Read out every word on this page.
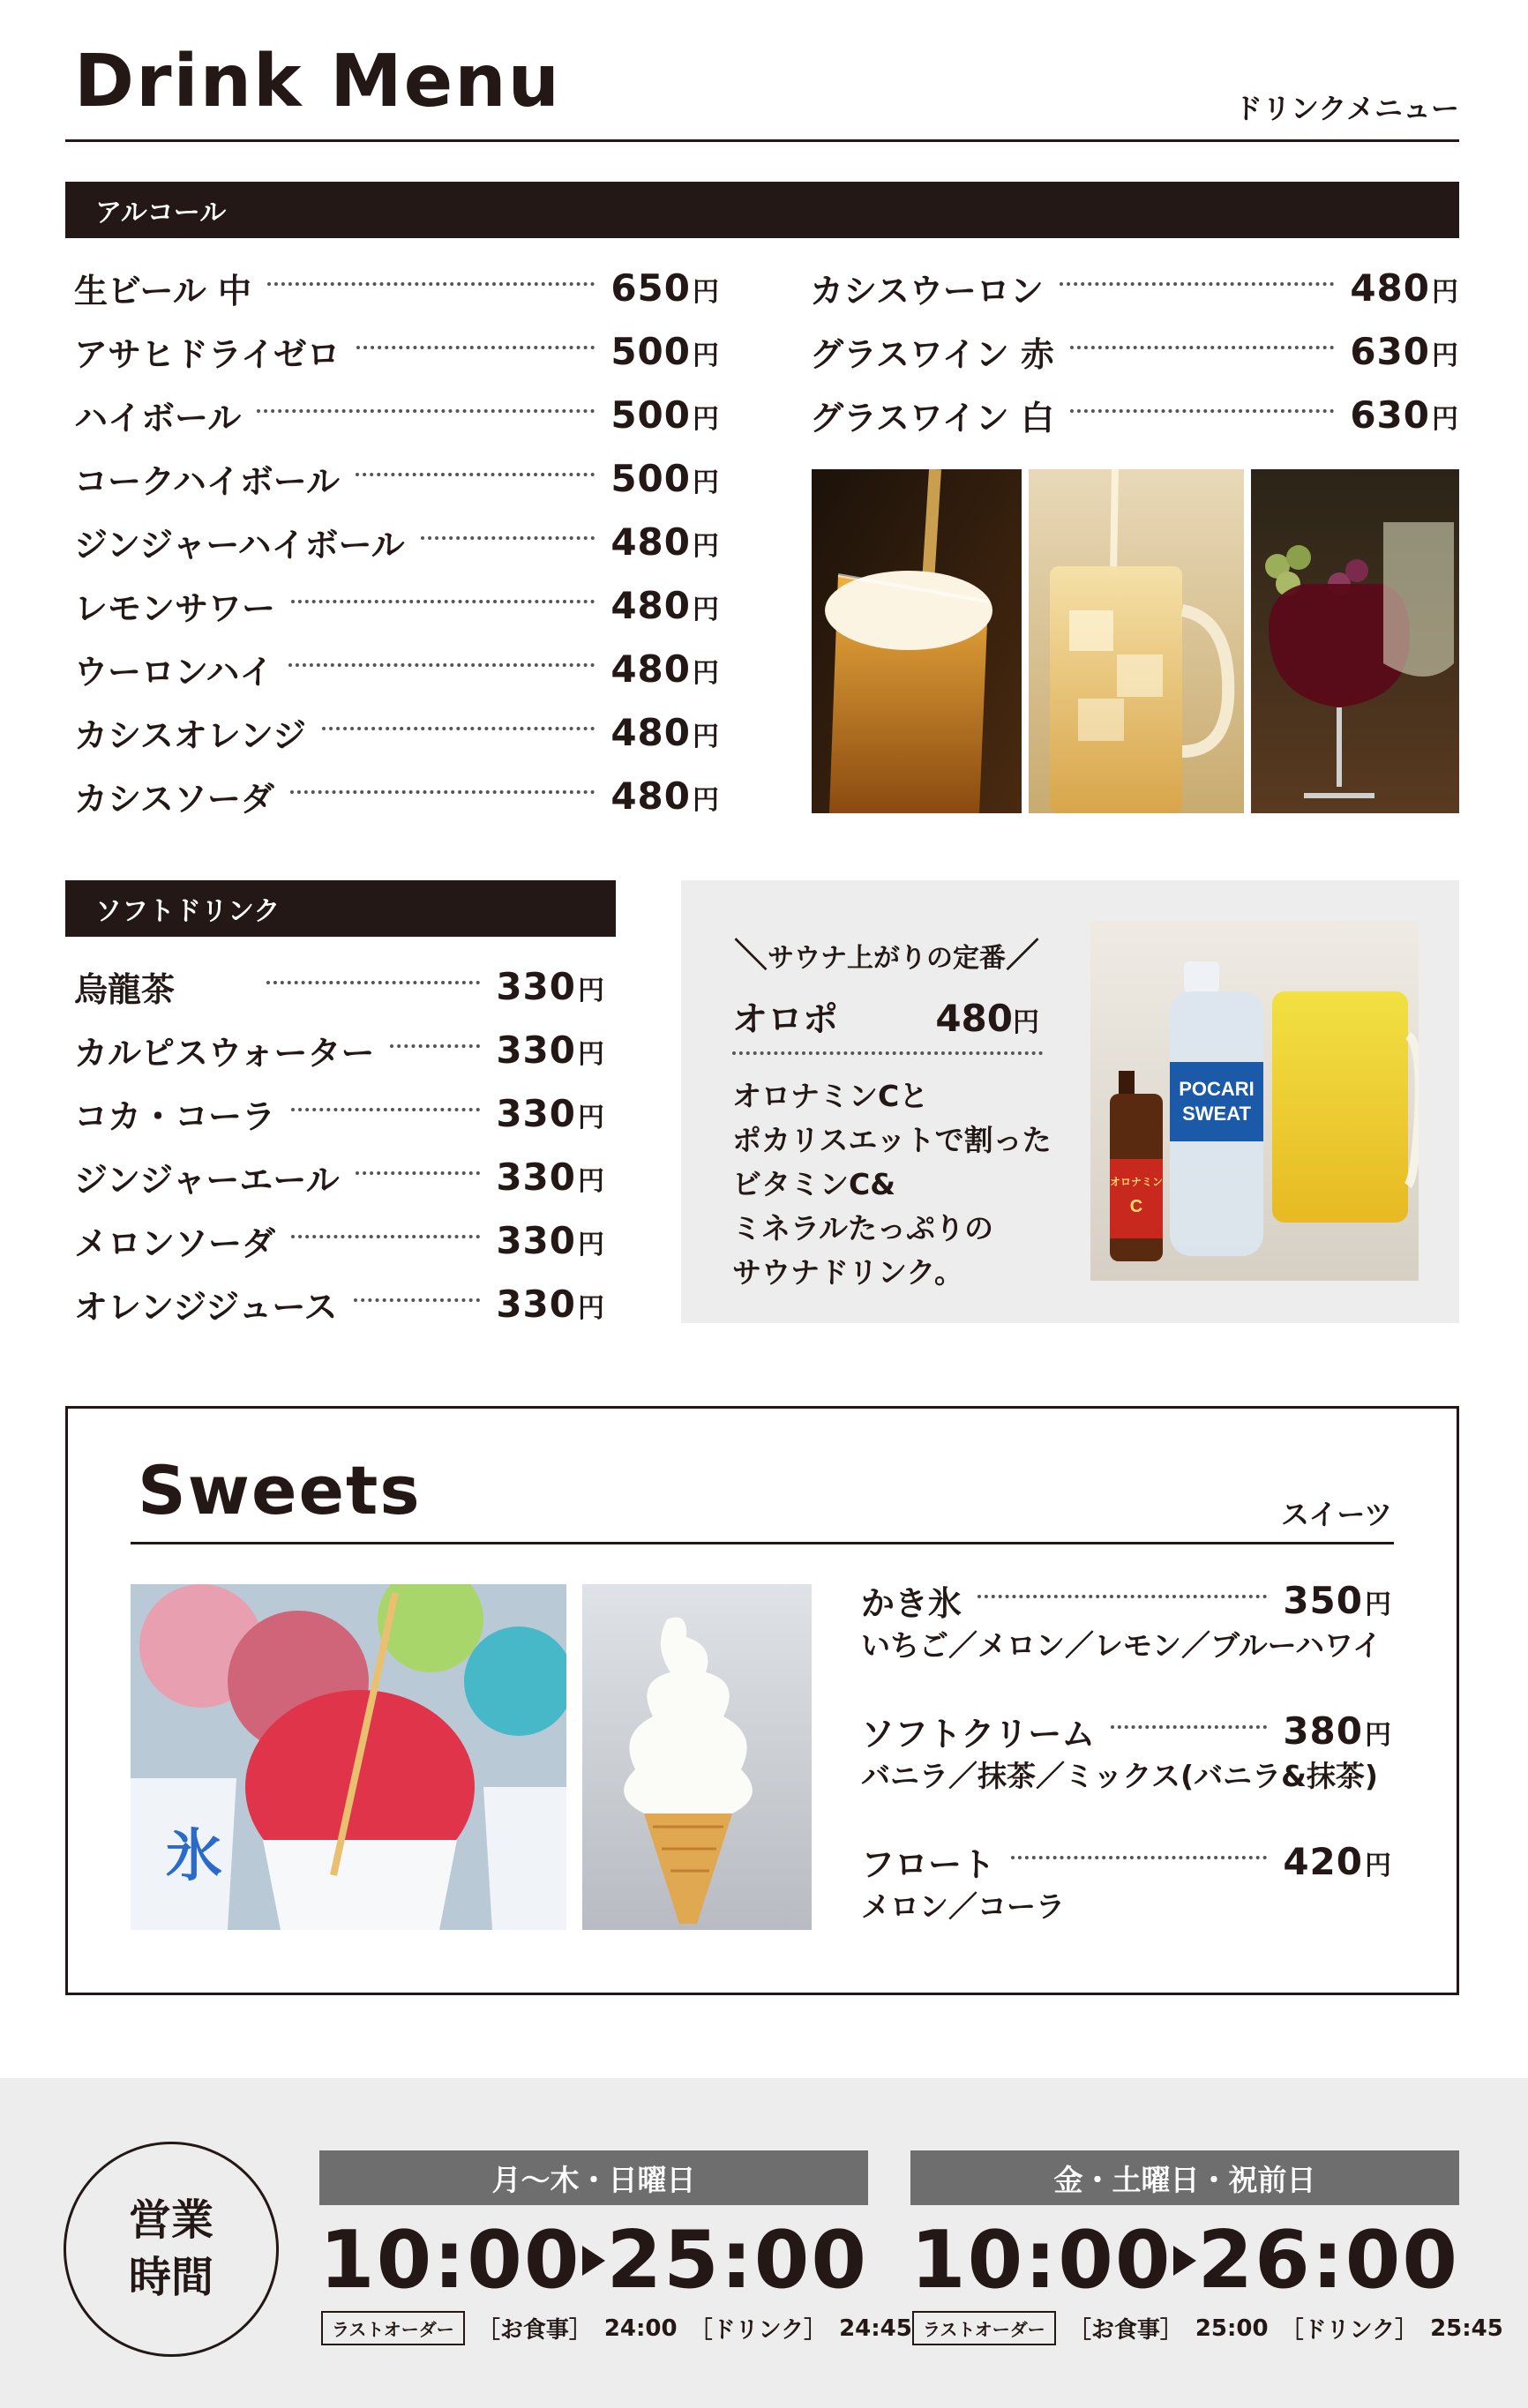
Drink Menu	ドリンクメニュー
アルコール
生ビール 中	650円
アサヒドライゼロ	500円
ハイボール	500円
コークハイボール	500円
ジンジャーハイボール	480円
レモンサワー	480円
ウーロンハイ	480円
カシスオレンジ	480円
カシスソーダ	480円
カシスウーロン	480円
グラスワイン 赤	630円
グラスワイン 白	630円
ソフトドリンク
烏龍茶	330円
カルピスウォーター	330円
コカ・コーラ	330円
ジンジャーエール	330円
メロンソーダ	330円
オレンジジュース	330円
＼サウナ上がりの定番／
オロポ	480円
オロナミンCと
ポカリスエットで割った
ビタミンC&
ミネラルたっぷりの
サウナドリンク。
POCARI
SWEAT
オロナミン
C
Sweets	スイーツ
氷
かき氷	350円
いちご／メロン／レモン／ブルーハワイ
ソフトクリーム	380円
バニラ／抹茶／ミックス(バニラ&抹茶)
フロート	420円
メロン／コーラ
営業
時間
月〜木・日曜日
10:00 25:00
ラストオーダー	［お食事］ 24:00 ［ドリンク］ 24:45
金・土曜日・祝前日
10:00 26:00
ラストオーダー	［お食事］ 25:00 ［ドリンク］ 25:45
